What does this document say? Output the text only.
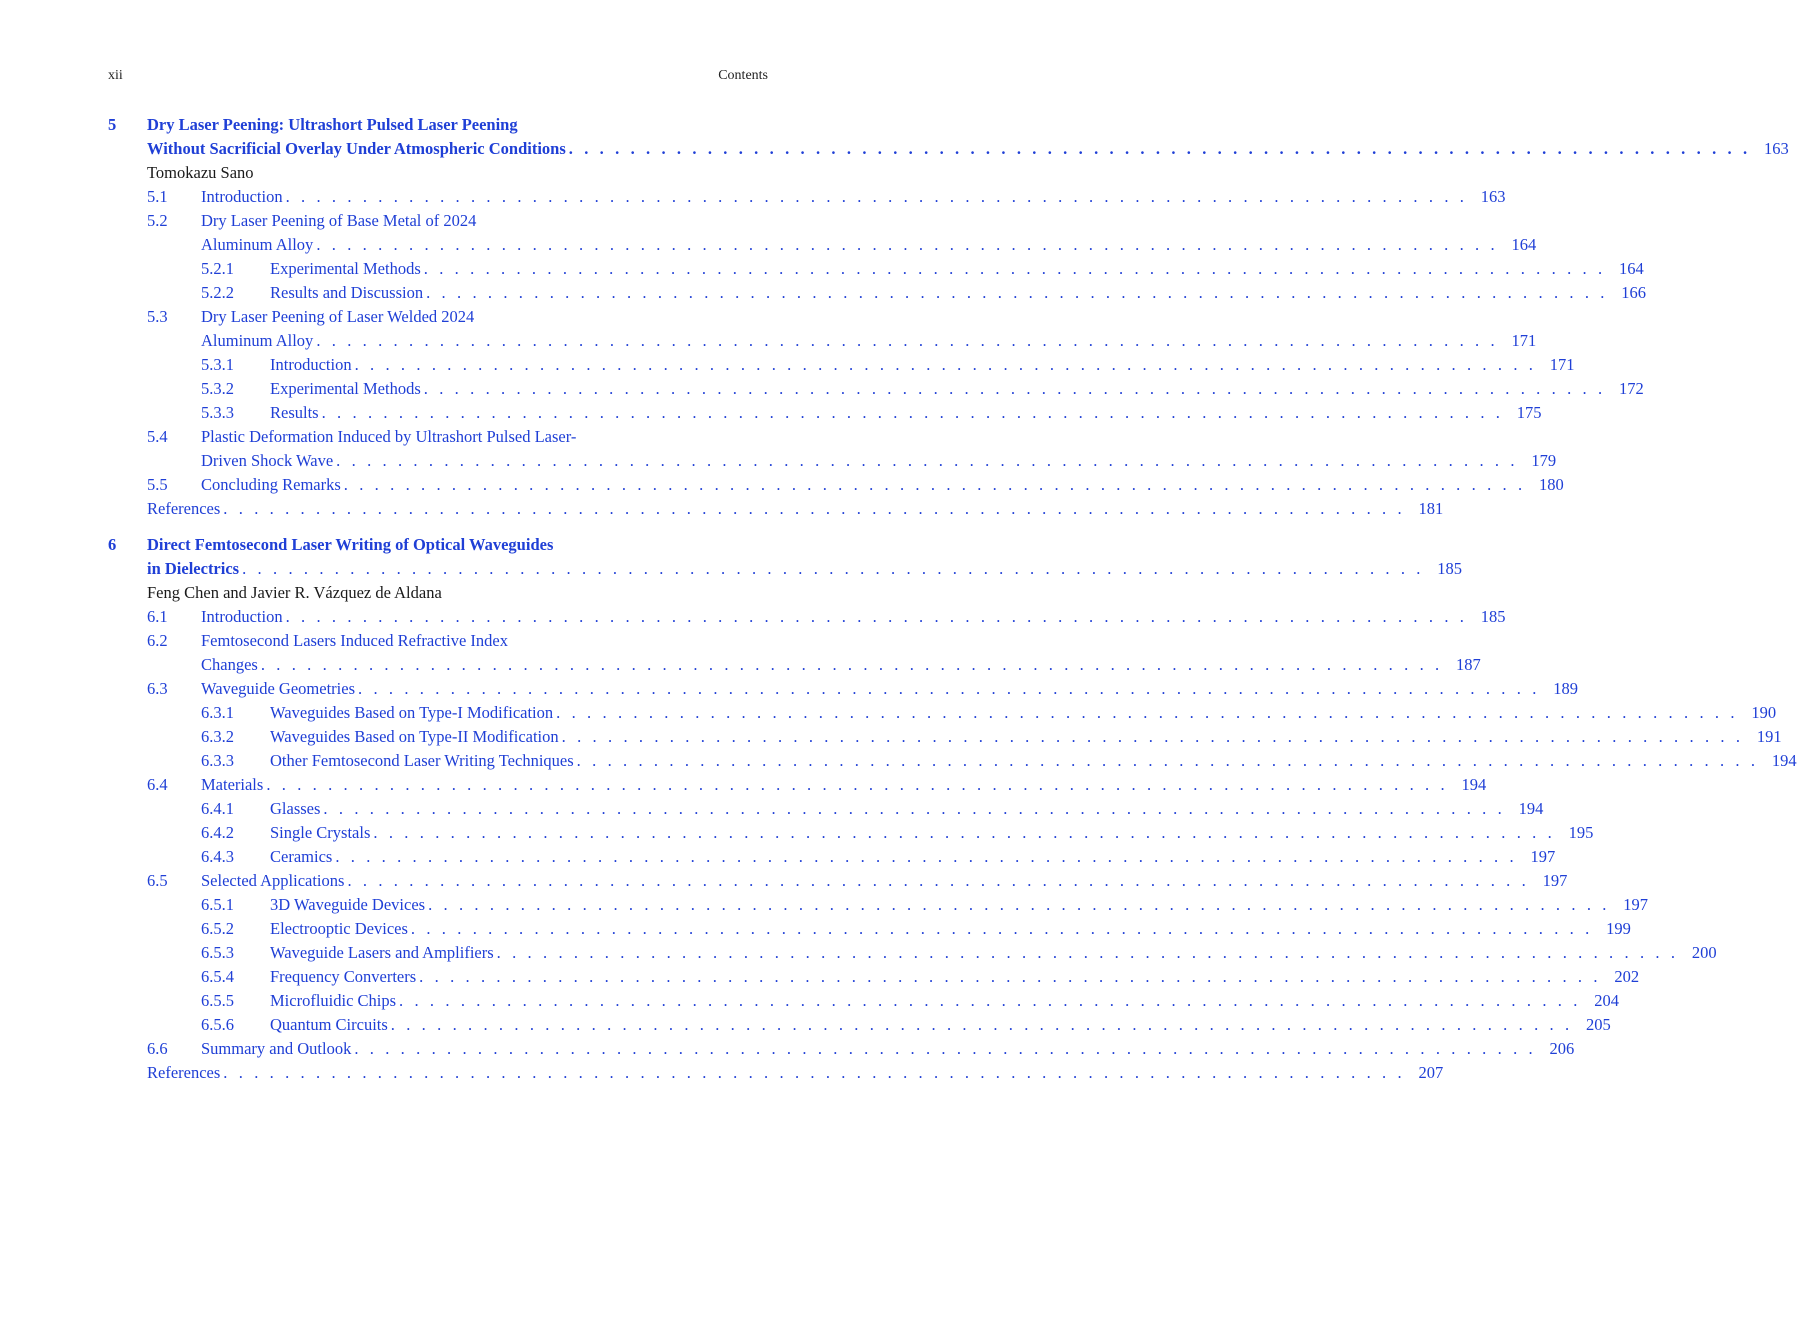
xii	Contents
5 Dry Laser Peening: Ultrashort Pulsed Laser Peening
Without Sacrificial Overlay Under Atmospheric Conditions . . . . . . . . . . . . . . . . . . . . . . . . . . . . . . . . . . . . . . . . . . . . . . . . . . . . . . . . . . . . . . . . . . . . . . . . . . . . . 163
Tomokazu Sano
5.1 Introduction . . . . . . . . . . . . . . . . . . . . . . . . . . . . . . . . . . . . . . . . . . . . . . . . . . . . . . . . . . . . . . . . . . . . . . . . . . . . . 163
5.2 Dry Laser Peening of Base Metal of 2024
Aluminum Alloy . . . . . . . . . . . . . . . . . . . . . . . . . . . . . . . . . . . . . . . . . . . . . . . . . . . . . . . . . . . . . . . . . . . . . . . . . . . . . 164
5.2.1 Experimental Methods . . . . . . . . . . . . . . . . . . . . . . . . . . . . . . . . . . . . . . . . . . . . . . . . . . . . . . . . . . . . . . . . . . . . . . . . . . . . . 164
5.2.2 Results and Discussion . . . . . . . . . . . . . . . . . . . . . . . . . . . . . . . . . . . . . . . . . . . . . . . . . . . . . . . . . . . . . . . . . . . . . . . . . . . . . 166
5.3 Dry Laser Peening of Laser Welded 2024
Aluminum Alloy . . . . . . . . . . . . . . . . . . . . . . . . . . . . . . . . . . . . . . . . . . . . . . . . . . . . . . . . . . . . . . . . . . . . . . . . . . . . . 171
5.3.1 Introduction . . . . . . . . . . . . . . . . . . . . . . . . . . . . . . . . . . . . . . . . . . . . . . . . . . . . . . . . . . . . . . . . . . . . . . . . . . . . . 171
5.3.2 Experimental Methods . . . . . . . . . . . . . . . . . . . . . . . . . . . . . . . . . . . . . . . . . . . . . . . . . . . . . . . . . . . . . . . . . . . . . . . . . . . . . 172
5.3.3 Results . . . . . . . . . . . . . . . . . . . . . . . . . . . . . . . . . . . . . . . . . . . . . . . . . . . . . . . . . . . . . . . . . . . . . . . . . . . . . 175
5.4 Plastic Deformation Induced by Ultrashort Pulsed Laser-
Driven Shock Wave . . . . . . . . . . . . . . . . . . . . . . . . . . . . . . . . . . . . . . . . . . . . . . . . . . . . . . . . . . . . . . . . . . . . . . . . . . . . . 179
5.5 Concluding Remarks . . . . . . . . . . . . . . . . . . . . . . . . . . . . . . . . . . . . . . . . . . . . . . . . . . . . . . . . . . . . . . . . . . . . . . . . . . . . . 180
References . . . . . . . . . . . . . . . . . . . . . . . . . . . . . . . . . . . . . . . . . . . . . . . . . . . . . . . . . . . . . . . . . . . . . . . . . . . . . 181
6 Direct Femtosecond Laser Writing of Optical Waveguides
in Dielectrics . . . . . . . . . . . . . . . . . . . . . . . . . . . . . . . . . . . . . . . . . . . . . . . . . . . . . . . . . . . . . . . . . . . . . . . . . . . . . 185
Feng Chen and Javier R. Vázquez de Aldana
6.1 Introduction . . . . . . . . . . . . . . . . . . . . . . . . . . . . . . . . . . . . . . . . . . . . . . . . . . . . . . . . . . . . . . . . . . . . . . . . . . . . . 185
6.2 Femtosecond Lasers Induced Refractive Index
Changes . . . . . . . . . . . . . . . . . . . . . . . . . . . . . . . . . . . . . . . . . . . . . . . . . . . . . . . . . . . . . . . . . . . . . . . . . . . . . 187
6.3 Waveguide Geometries . . . . . . . . . . . . . . . . . . . . . . . . . . . . . . . . . . . . . . . . . . . . . . . . . . . . . . . . . . . . . . . . . . . . . . . . . . . . . 189
6.3.1 Waveguides Based on Type-I Modification . . . . . . . . . . . . . . . . . . . . . . . . . . . . . . . . . . . . . . . . . . . . . . . . . . . . . . . . . . . . . . . . . . . . . . . . . . . . . 190
6.3.2 Waveguides Based on Type-II Modification . . . . . . . . . . . . . . . . . . . . . . . . . . . . . . . . . . . . . . . . . . . . . . . . . . . . . . . . . . . . . . . . . . . . . . . . . . . . . 191
6.3.3 Other Femtosecond Laser Writing Techniques . . . . . . . . . . . . . . . . . . . . . . . . . . . . . . . . . . . . . . . . . . . . . . . . . . . . . . . . . . . . . . . . . . . . . . . . . . . . . 194
6.4 Materials . . . . . . . . . . . . . . . . . . . . . . . . . . . . . . . . . . . . . . . . . . . . . . . . . . . . . . . . . . . . . . . . . . . . . . . . . . . . . 194
6.4.1 Glasses . . . . . . . . . . . . . . . . . . . . . . . . . . . . . . . . . . . . . . . . . . . . . . . . . . . . . . . . . . . . . . . . . . . . . . . . . . . . . 194
6.4.2 Single Crystals . . . . . . . . . . . . . . . . . . . . . . . . . . . . . . . . . . . . . . . . . . . . . . . . . . . . . . . . . . . . . . . . . . . . . . . . . . . . . 195
6.4.3 Ceramics . . . . . . . . . . . . . . . . . . . . . . . . . . . . . . . . . . . . . . . . . . . . . . . . . . . . . . . . . . . . . . . . . . . . . . . . . . . . . 197
6.5 Selected Applications . . . . . . . . . . . . . . . . . . . . . . . . . . . . . . . . . . . . . . . . . . . . . . . . . . . . . . . . . . . . . . . . . . . . . . . . . . . . . 197
6.5.1 3D Waveguide Devices . . . . . . . . . . . . . . . . . . . . . . . . . . . . . . . . . . . . . . . . . . . . . . . . . . . . . . . . . . . . . . . . . . . . . . . . . . . . . 197
6.5.2 Electrooptic Devices . . . . . . . . . . . . . . . . . . . . . . . . . . . . . . . . . . . . . . . . . . . . . . . . . . . . . . . . . . . . . . . . . . . . . . . . . . . . . 199
6.5.3 Waveguide Lasers and Amplifiers . . . . . . . . . . . . . . . . . . . . . . . . . . . . . . . . . . . . . . . . . . . . . . . . . . . . . . . . . . . . . . . . . . . . . . . . . . . . . 200
6.5.4 Frequency Converters . . . . . . . . . . . . . . . . . . . . . . . . . . . . . . . . . . . . . . . . . . . . . . . . . . . . . . . . . . . . . . . . . . . . . . . . . . . . . 202
6.5.5 Microfluidic Chips . . . . . . . . . . . . . . . . . . . . . . . . . . . . . . . . . . . . . . . . . . . . . . . . . . . . . . . . . . . . . . . . . . . . . . . . . . . . . 204
6.5.6 Quantum Circuits . . . . . . . . . . . . . . . . . . . . . . . . . . . . . . . . . . . . . . . . . . . . . . . . . . . . . . . . . . . . . . . . . . . . . . . . . . . . . 205
6.6 Summary and Outlook . . . . . . . . . . . . . . . . . . . . . . . . . . . . . . . . . . . . . . . . . . . . . . . . . . . . . . . . . . . . . . . . . . . . . . . . . . . . . 206
References . . . . . . . . . . . . . . . . . . . . . . . . . . . . . . . . . . . . . . . . . . . . . . . . . . . . . . . . . . . . . . . . . . . . . . . . . . . . . 207
